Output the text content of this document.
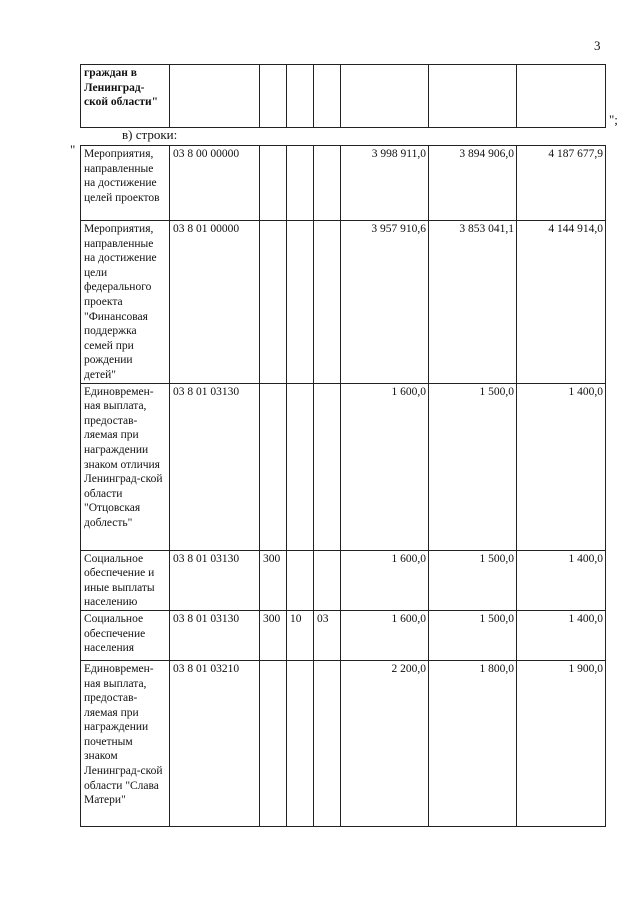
3
граждан в Ленинград-ской области"							
";
в) строки:
" Мероприятия, направленные на достижение целей проектов	03 8 00 00000				3 998 911,0	3 894 906,0	4 187 677,9
Мероприятия, направленные на достижение цели федерального проекта "Финансовая поддержка семей при рождении детей"	03 8 01 00000				3 957 910,6	3 853 041,1	4 144 914,0
Единовремен-ная выплата, предостав-ляемая при награждении знаком отличия Ленинград-ской области "Отцовская доблесть"	03 8 01 03130				1 600,0	1 500,0	1 400,0
Социальное обеспечение и иные выплаты населению	03 8 01 03130	300			1 600,0	1 500,0	1 400,0
Социальное обеспечение населения	03 8 01 03130	300	10	03	1 600,0	1 500,0	1 400,0
Единовремен-ная выплата, предостав-ляемая при награждении почетным знаком Ленинград-ской области "Слава Матери"	03 8 01 03210				2 200,0	1 800,0	1 900,0
